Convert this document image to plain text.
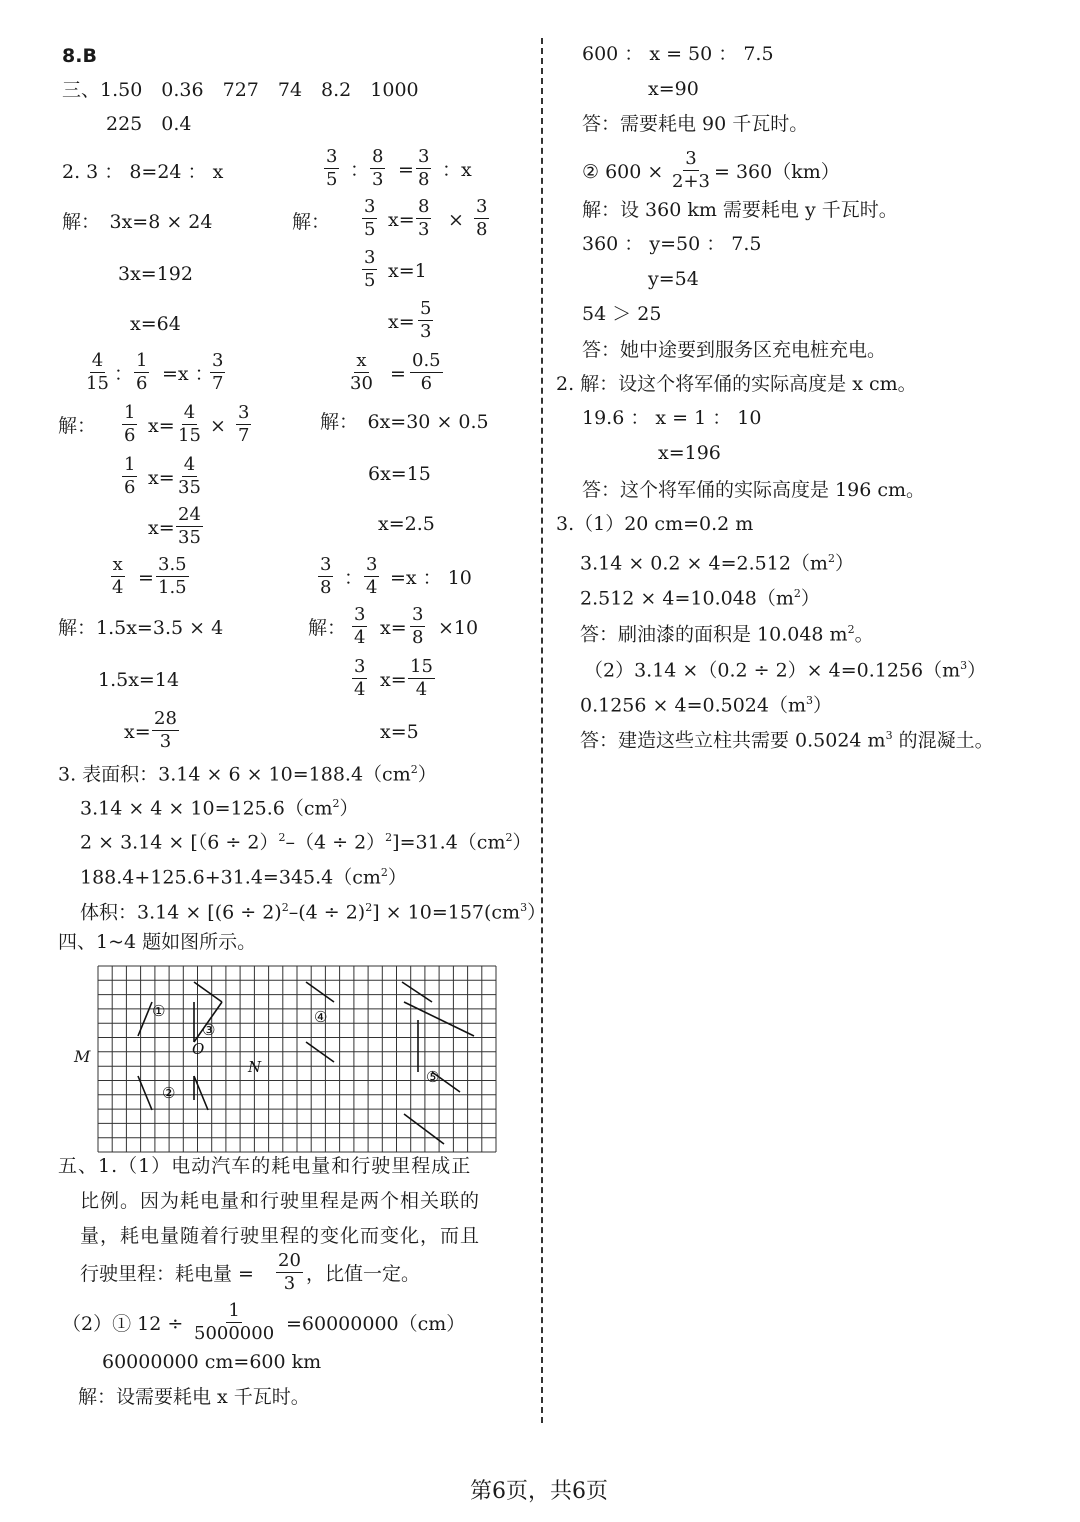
8.B
三、1.50　0.36　727　74　8.2　1000
225　0.4
2. 3 ： 8=24 ： x
解：　3x=8 × 24
3x=192
x=64
3
5 ：
8
3 =
3
8 ：x
解：
3
5 x=
8
3 ×
3
8
3
5 x=1
x=
5
3
4
15 ：
1
6 =x ：
3
7
解：
1
6 x=
4
15 ×
3
7
1
6 x=
4
35
x=
24
35
x
30 =
0.5
6
解：　6x=30 × 0.5
6x=15
x=2.5
x
4 =
3.5
1.5
解：1.5x=3.5 × 4
1.5x=14
x=
28
3
3
8 ：
3
4 =x ： 10
解：
3
4 x=
3
8 ×10
3
4 x=
15
4
x=5
3. 表面积：$3.14 \times 6 \times 10=188.4(cm^2)$
$3.14 \times 4 \times 10=125.6(cm^2)$
$2 \times 3.14 \times [(6 \div 2)^2-(4 \div 2)^2]=31.4(cm^2)$
$188.4+125.6+31.4=345.4(cm^2)$
体积：$3.14 \times [(6 \div 2)^2-(4 \div 2)^2] \times 10=157(cm^3)$
四、1~4 题如图所示。
①
③
②
④
⑤
O
N
M
五、1.（1）电动汽车的耗电量和行驶里程成正
比例。因为耗电量和行驶里程是两个相关联的
量，耗电量随着行驶里程的变化而变化，而且
行驶里程：耗电量 =
20
3 ，比值一定。
（2）① 12 ÷
1
5000000 =60000000（cm）
60000000 cm=600 km
解：设需要耗电 x 千瓦时。
600 ： x = 50 ： 7.5
x=90
答：需要耗电 90 千瓦时。
② 600 ×
3
2+3 = 360（km）
解：设 360 km 需要耗电 y 千瓦时。
360 ： y=50 ： 7.5
y=54
54 ＞ 25
答：她中途要到服务区充电桩充电。
2. 解：设这个将军俑的实际高度是 x cm。
19.6 ： x = 1 ： 10
x=196
答：这个将军俑的实际高度是 196 cm。
3.（1）20 cm=0.2 m
$3.14 \times 0.2 \times 4=2.512(m^2)$
$2.512 \times 4=10.048(m^2)$
答：刷油漆的面积是 10.048 $m^2$。
$(2)3.14 \times(0.2 \div 2)\times 4=0.1256(m^3)$
$0.1256 \times 4=0.5024(m^3)$
答：建造这些立柱共需要 0.5024 $m^3$ 的混凝土。
第6页，共6页
